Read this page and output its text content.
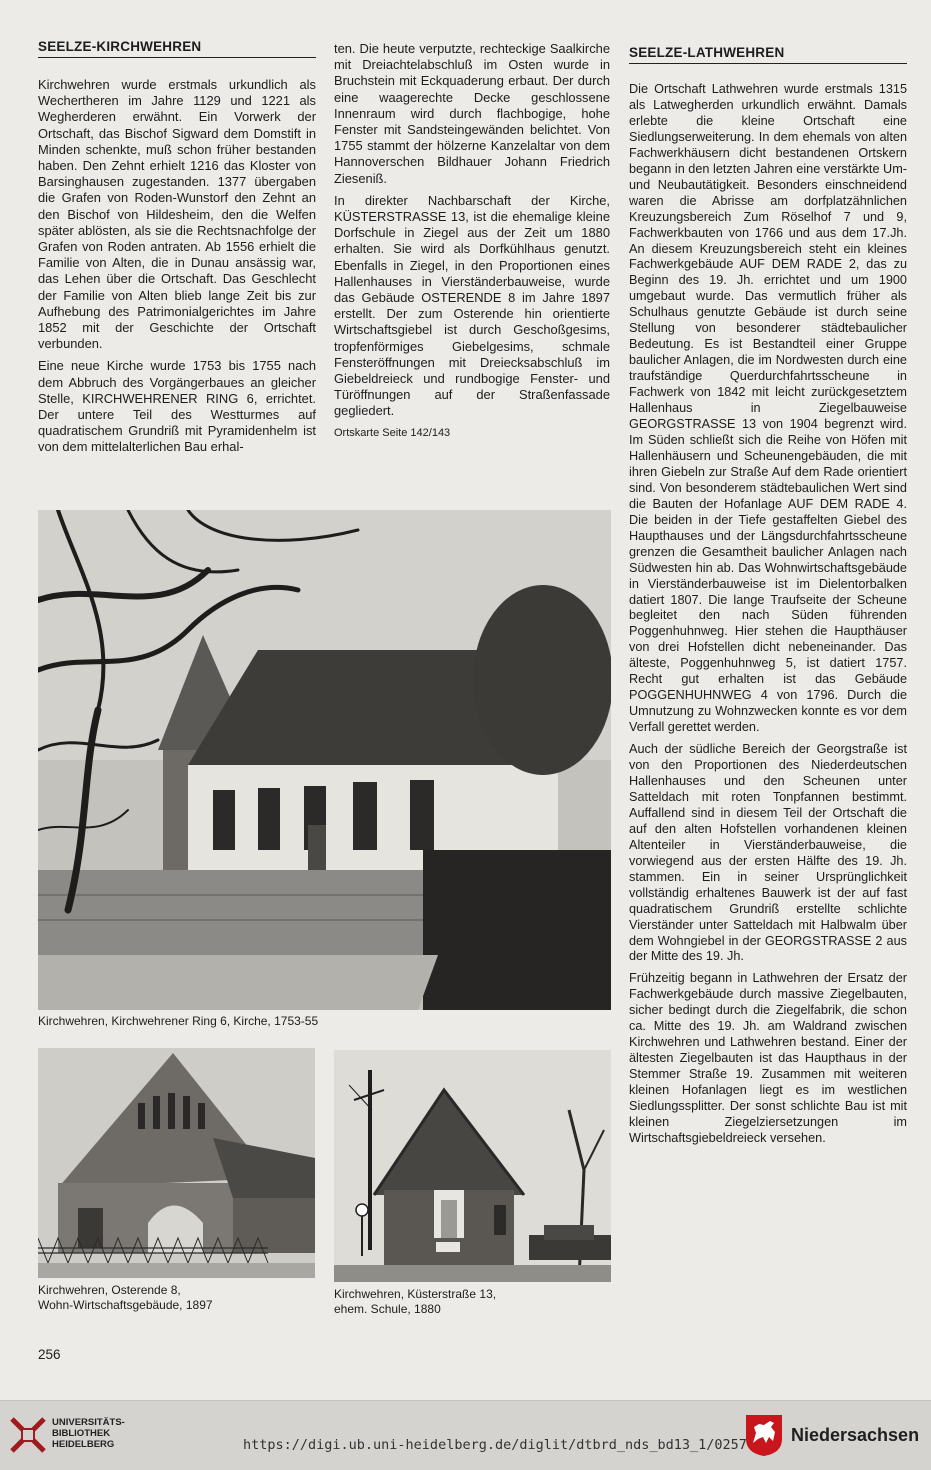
SEELZE-KIRCHWEHREN

Kirchwehren wurde erstmals urkundlich als Wechertheren im Jahre 1129 und 1221 als Wegherderen erwähnt. Ein Vorwerk der Ortschaft, das Bischof Sigward dem Domstift in Minden schenkte, muß schon früher bestanden haben. Den Zehnt erhielt 1216 das Kloster von Barsinghausen zugestanden. 1377 übergaben die Grafen von Roden-Wunstorf den Zehnt an den Bischof von Hildesheim, den die Welfen später ablösten, als sie die Rechtsnachfolge der Grafen von Roden antraten. Ab 1556 erhielt die Familie von Alten, die in Dunau ansässig war, das Lehen über die Ortschaft. Das Geschlecht der Familie von Alten blieb lange Zeit bis zur Aufhebung des Patrimonialgerichtes im Jahre 1852 mit der Geschichte der Ortschaft verbunden.

Eine neue Kirche wurde 1753 bis 1755 nach dem Abbruch des Vorgängerbaues an gleicher Stelle, KIRCHWEHRENER RING 6, errichtet. Der untere Teil des Westturmes auf quadratischem Grundriß mit Pyramidenhelm ist von dem mittelalterlichen Bau erhal-

ten. Die heute verputzte, rechteckige Saalkirche mit Dreiachtelabschluß im Osten wurde in Bruchstein mit Eckquaderung erbaut. Der durch eine waagerechte Decke geschlossene Innenraum wird durch flachbogige, hohe Fenster mit Sandsteingewänden belichtet. Von 1755 stammt der hölzerne Kanzelaltar von dem Hannoverschen Bildhauer Johann Friedrich Ziesenіß.

In direkter Nachbarschaft der Kirche, KÜSTERSTRASSE 13, ist die ehemalige kleine Dorfschule in Ziegel aus der Zeit um 1880 erhalten. Sie wird als Dorfkühlhaus genutzt. Ebenfalls in Ziegel, in den Proportionen eines Hallenhauses in Vierständerbauweise, wurde das Gebäude OSTERENDE 8 im Jahre 1897 erstellt. Der zum Osterende hin orientierte Wirtschaftsgiebel ist durch Geschoßgesims, tropfenförmiges Giebelgesims, schmale Fensteröffnungen mit Dreiecksabschluß im Giebeldreieck und rundbogige Fenster- und Türöffnungen auf der Straßenfassade gegliedert.

Ortskarte Seite 142/143

SEELZE-LATHWEHREN

Die Ortschaft Lathwehren wurde erstmals 1315 als Latwegherden urkundlich erwähnt. Damals erlebte die kleine Ortschaft eine Siedlungserweiterung. In dem ehemals von alten Fachwerkhäusern dicht bestandenen Ortskern begann in den letzten Jahren eine verstärkte Um- und Neubautätigkeit. Besonders einschneidend waren die Abrisse am dorfplatzähnlichen Kreuzungsbereich Zum Röselhof 7 und 9, Fachwerkbauten von 1766 und aus dem 17.Jh. An diesem Kreuzungsbereich steht ein kleines Fachwerkgebäude AUF DEM RADE 2, das zu Beginn des 19. Jh. errichtet und um 1900 umgebaut wurde. Das vermutlich früher als Schulhaus genutzte Gebäude ist durch seine Stellung von besonderer städtebaulicher Bedeutung. Es ist Bestandteil einer Gruppe baulicher Anlagen, die im Nordwesten durch eine traufständige Querdurchfahrtsscheune in Fachwerk von 1842 mit leicht zurückgesetztem Hallenhaus in Ziegelbauweise GEORGSTRASSE 13 von 1904 begrenzt wird. Im Süden schließt sich die Reihe von Höfen mit Hallenhäusern und Scheunengebäuden, die mit ihren Giebeln zur Straße Auf dem Rade orientiert sind. Von besonderem städtebaulichen Wert sind die Bauten der Hofanlage AUF DEM RADE 4. Die beiden in der Tiefe gestaffelten Giebel des Haupthauses und der Längsdurchfahrtsscheune grenzen die Gesamtheit baulicher Anlagen nach Südwesten hin ab. Das Wohnwirtschaftsgebäude in Vierständerbauweise ist im Dielentorbalken datiert 1807. Die lange Traufseite der Scheune begleitet den nach Süden führenden Poggenhuhnweg. Hier stehen die Haupthäuser von drei Hofstellen dicht nebeneinander. Das älteste, Poggenhuhnweg 5, ist datiert 1757. Recht gut erhalten ist das Gebäude POGGENHUHNWEG 4 von 1796. Durch die Umnutzung zu Wohnzwecken konnte es vor dem Verfall gerettet werden.

Auch der südliche Bereich der Georgstraße ist von den Proportionen des Niederdeutschen Hallenhauses und den Scheunen unter Satteldach mit roten Tonpfannen bestimmt. Auffallend sind in diesem Teil der Ortschaft die auf den alten Hofstellen vorhandenen kleinen Altenteiler in Vierständerbauweise, die vorwiegend aus der ersten Hälfte des 19. Jh. stammen. Ein in seiner Ursprünglichkeit vollständig erhaltenes Bauwerk ist der auf fast quadratischem Grundriß erstellte schlichte Vierständer unter Satteldach mit Halbwalm über dem Wohngiebel in der GEORGSTRASSE 2 aus der Mitte des 19. Jh.

Frühzeitig begann in Lathwehren der Ersatz der Fachwerkgebäude durch massive Ziegelbauten, sicher bedingt durch die Ziegelfabrik, die schon ca. Mitte des 19. Jh. am Waldrand zwischen Kirchwehren und Lathwehren bestand. Einer der ältesten Ziegelbauten ist das Haupthaus in der Stemmer Straße 19. Zusammen mit weiteren kleinen Hofanlagen liegt es im westlichen Siedlungssplitter. Der sonst schlichte Bau ist mit kleinen Ziegelziersetzungen im Wirtschaftsgiebeldreieck versehen.

Kirchwehren, Kirchwehrener Ring 6, Kirche, 1753-55
Kirchwehren, Osterende 8,
Wohn-Wirtschaftsgebäude, 1897
Kirchwehren, Küsterstraße 13,
ehem. Schule, 1880
256
UNIVERSITÄTS-
BIBLIOTHEK
HEIDELBERG	https://digi.ub.uni-heidelberg.de/diglit/dtbrd_nds_bd13_1/0257 Niedersachsen
